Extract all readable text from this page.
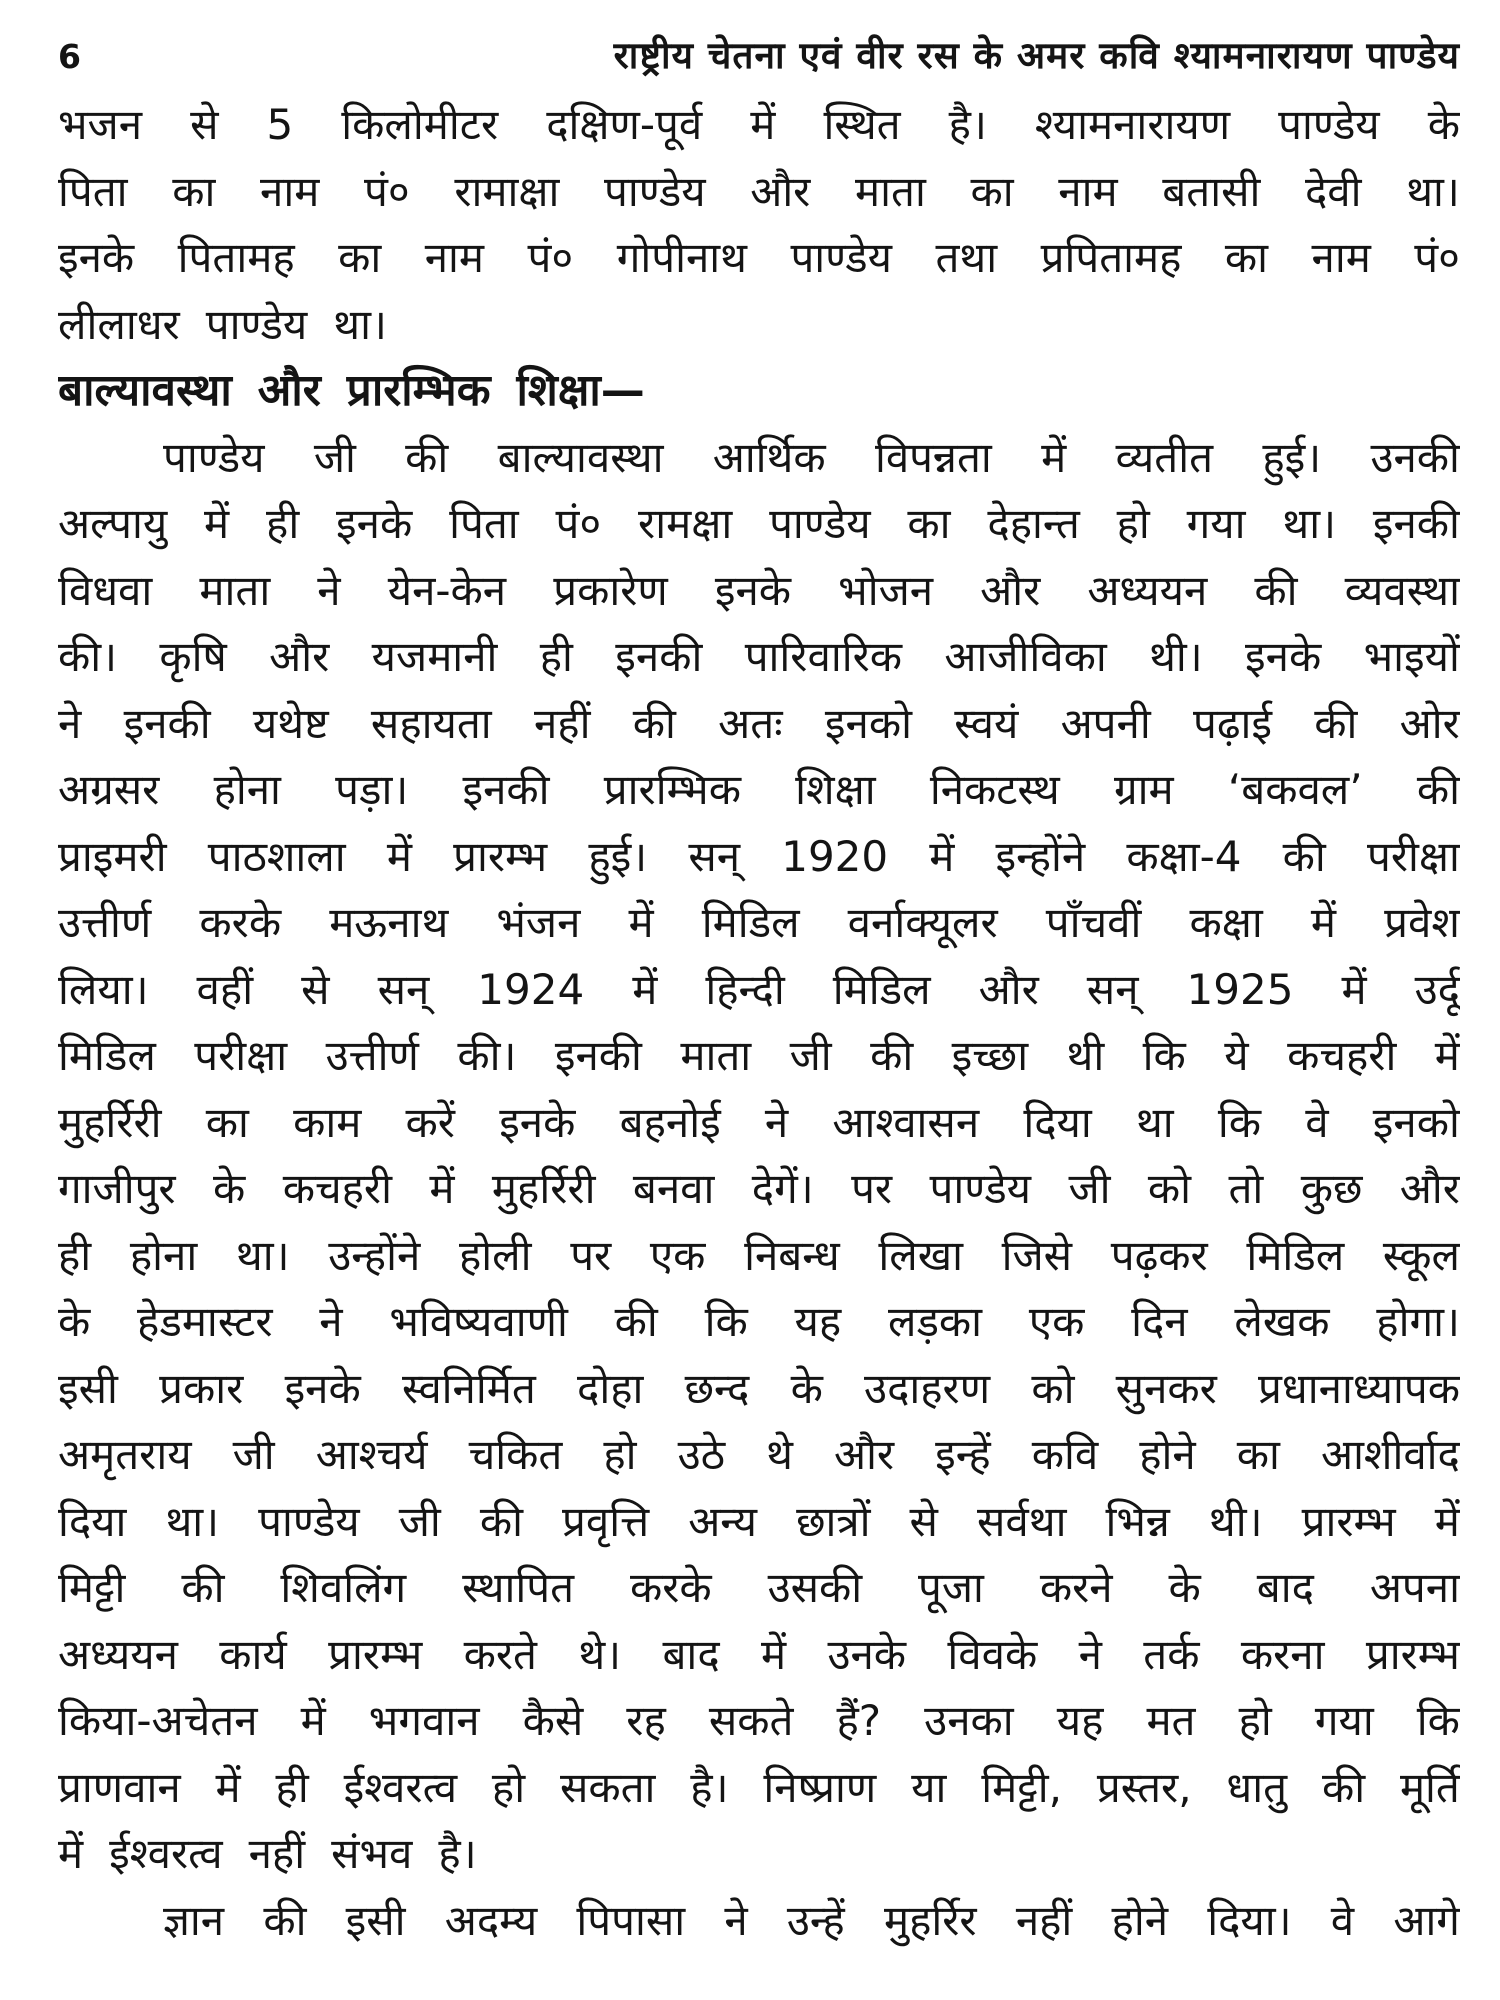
6	राष्ट्रीय चेतना एवं वीर रस के अमर कवि श्यामनारायण पाण्डेय
भजन से 5 किलोमीटर दक्षिण-पूर्व में स्थित है। श्यामनारायण पाण्डेय के
पिता का नाम पं० रामाक्षा पाण्डेय और माता का नाम बतासी देवी था।
इनके पितामह का नाम पं० गोपीनाथ पाण्डेय तथा प्रपितामह का नाम पं०
लीलाधर पाण्डेय था।
बाल्यावस्था और प्रारम्भिक शिक्षा—
पाण्डेय जी की बाल्यावस्था आर्थिक विपन्नता में व्यतीत हुई। उनकी
अल्पायु में ही इनके पिता पं० रामक्षा पाण्डेय का देहान्त हो गया था। इनकी
विधवा माता ने येन-केन प्रकारेण इनके भोजन और अध्ययन की व्यवस्था
की। कृषि और यजमानी ही इनकी पारिवारिक आजीविका थी। इनके भाइयों
ने इनकी यथेष्ट सहायता नहीं की अतः इनको स्वयं अपनी पढ़ाई की ओर
अग्रसर होना पड़ा। इनकी प्रारम्भिक शिक्षा निकटस्थ ग्राम ‘बकवल’ की
प्राइमरी पाठशाला में प्रारम्भ हुई। सन् 1920 में इन्होंने कक्षा-4 की परीक्षा
उत्तीर्ण करके मऊनाथ भंजन में मिडिल वर्नाक्यूलर पाँचवीं कक्षा में प्रवेश
लिया। वहीं से सन् 1924 में हिन्दी मिडिल और सन् 1925 में उर्दू
मिडिल परीक्षा उत्तीर्ण की। इनकी माता जी की इच्छा थी कि ये कचहरी में
मुहर्रिरी का काम करें इनके बहनोई ने आश्वासन दिया था कि वे इनको
गाजीपुर के कचहरी में मुहर्रिरी बनवा देगें। पर पाण्डेय जी को तो कुछ और
ही होना था। उन्होंने होली पर एक निबन्ध लिखा जिसे पढ़कर मिडिल स्कूल
के हेडमास्टर ने भविष्यवाणी की कि यह लड़का एक दिन लेखक होगा।
इसी प्रकार इनके स्वनिर्मित दोहा छन्द के उदाहरण को सुनकर प्रधानाध्यापक
अमृतराय जी आश्चर्य चकित हो उठे थे और इन्हें कवि होने का आशीर्वाद
दिया था। पाण्डेय जी की प्रवृत्ति अन्य छात्रों से सर्वथा भिन्न थी। प्रारम्भ में
मिट्टी की शिवलिंग स्थापित करके उसकी पूजा करने के बाद अपना
अध्ययन कार्य प्रारम्भ करते थे। बाद में उनके विवके ने तर्क करना प्रारम्भ
किया-अचेतन में भगवान कैसे रह सकते हैं? उनका यह मत हो गया कि
प्राणवान में ही ईश्वरत्व हो सकता है। निष्प्राण या मिट्टी, प्रस्तर, धातु की मूर्ति
में ईश्वरत्व नहीं संभव है।
ज्ञान की इसी अदम्य पिपासा ने उन्हें मुहर्रिर नहीं होने दिया। वे आगे
